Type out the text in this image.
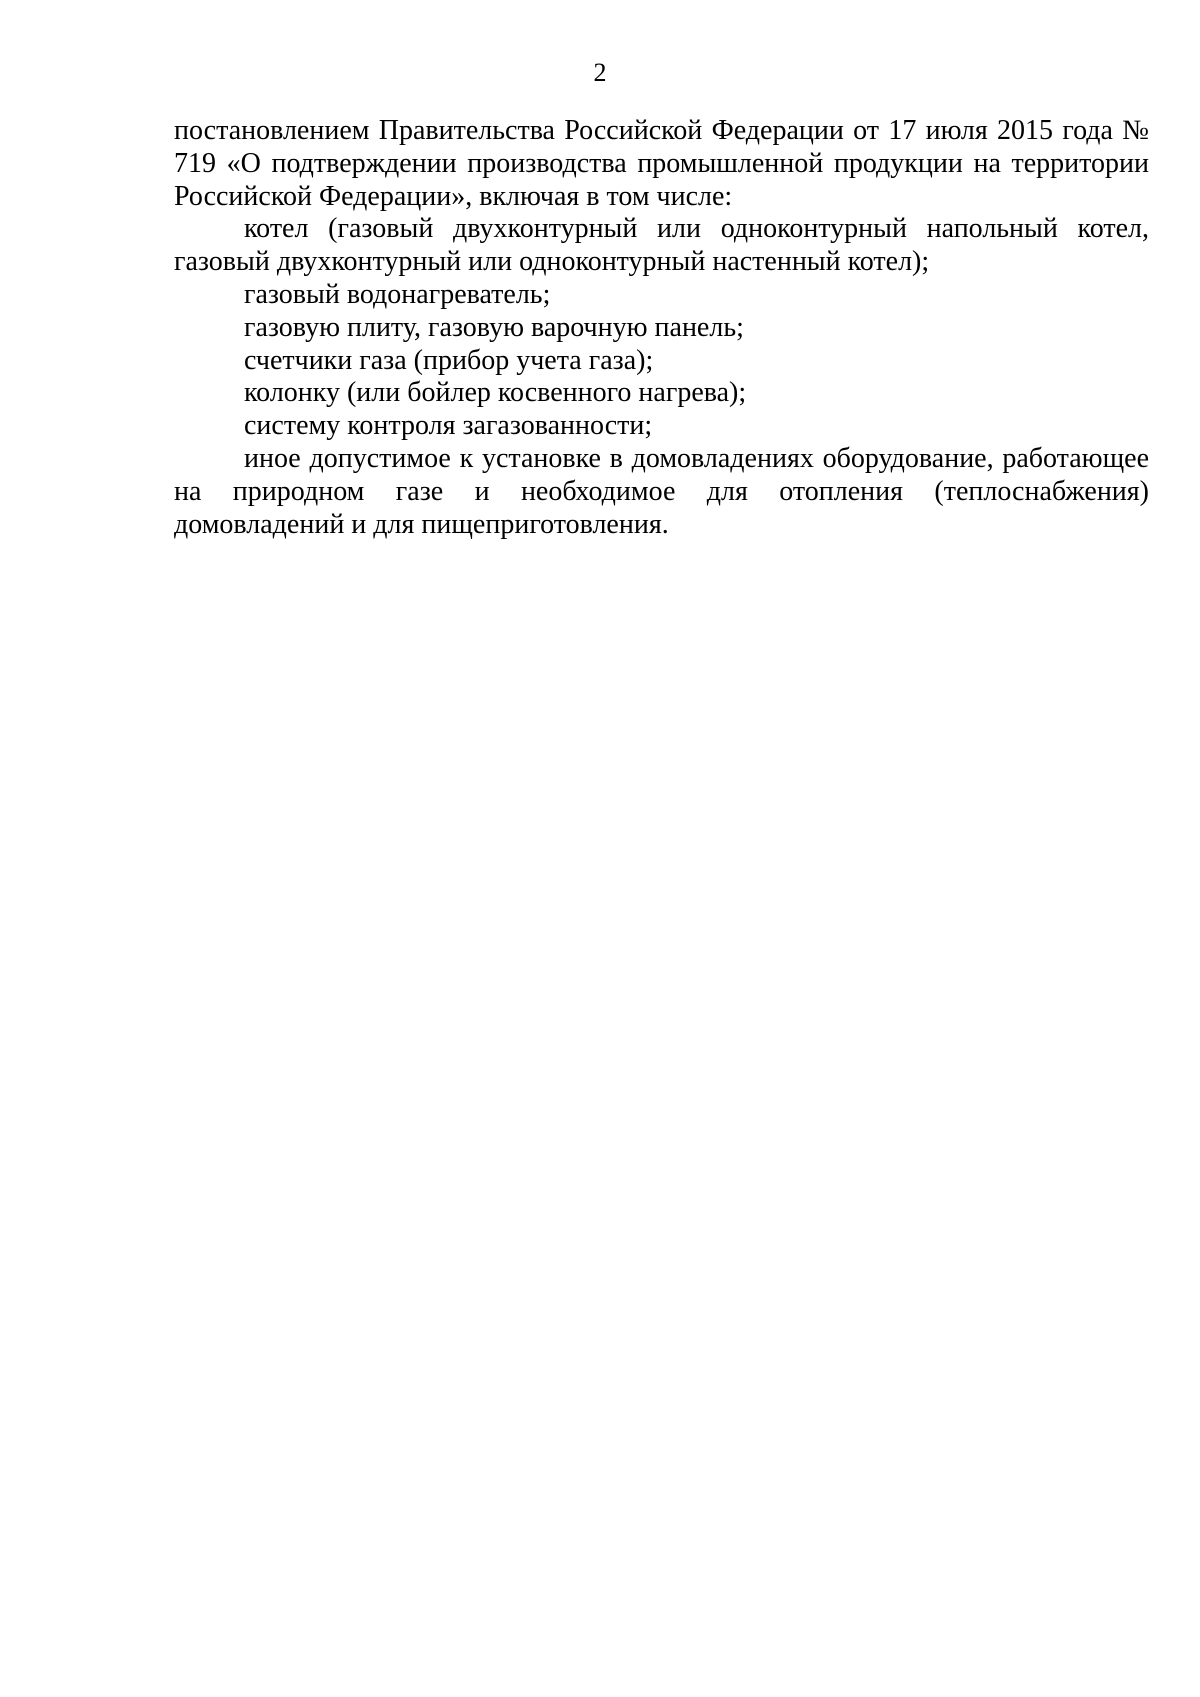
2

постановлением Правительства Российской Федерации от 17 июля 2015 года № 719 «О подтверждении производства промышленной продукции на территории Российской Федерации», включая в том числе:

котел (газовый двухконтурный или одноконтурный напольный котел, газовый двухконтурный или одноконтурный настенный котел);

газовый водонагреватель;

газовую плиту, газовую варочную панель;

счетчики газа (прибор учета газа);

колонку (или бойлер косвенного нагрева);

систему контроля загазованности;

иное допустимое к установке в домовладениях оборудование, работающее на природном газе и необходимое для отопления (теплоснабжения) домовладений и для пищеприготовления.
